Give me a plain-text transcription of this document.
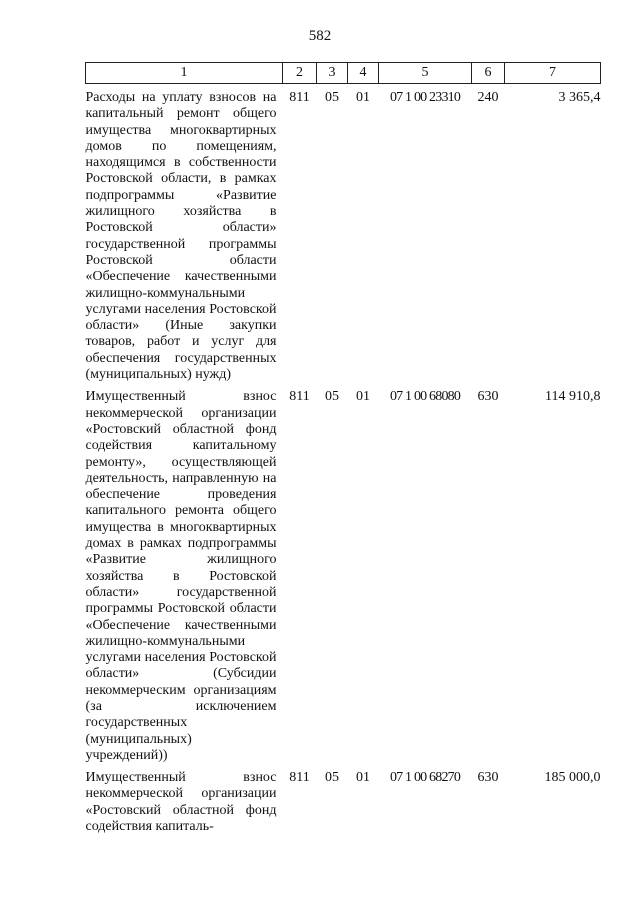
582
1	2	3	4	5	6	7
Расходы на уплату взносов на капитальный ремонт общего имущества многоквартирных домов по помещениям, находящимся в собственности Ростовской области, в рамках подпрограммы «Развитие жилищного хозяйства в Ростовской области» государственной программы Ростовской области «Обеспечение качественными жилищно-коммунальными услугами населения Ростовской области» (Иные закупки товаров, работ и услуг для обеспечения государственных (муниципальных) нужд)	811	05	01	07 1 00 23310	240	3 365,4
Имущественный взнос некоммерческой организации «Ростовский областной фонд содействия капитальному ремонту», осуществляющей деятельность, направленную на обеспечение проведения капитального ремонта общего имущества в многоквартирных домах в рамках подпрограммы «Развитие жилищного хозяйства в Ростовской области» государственной программы Ростовской области «Обеспечение качественными жилищно-коммунальными услугами населения Ростовской области» (Субсидии некоммерческим организациям (за исключением государственных (муниципальных) учреждений))	811	05	01	07 1 00 68080	630	114 910,8
Имущественный взнос некоммерческой организации «Ростовский областной фонд содействия капиталь-	811	05	01	07 1 00 68270	630	185 000,0
